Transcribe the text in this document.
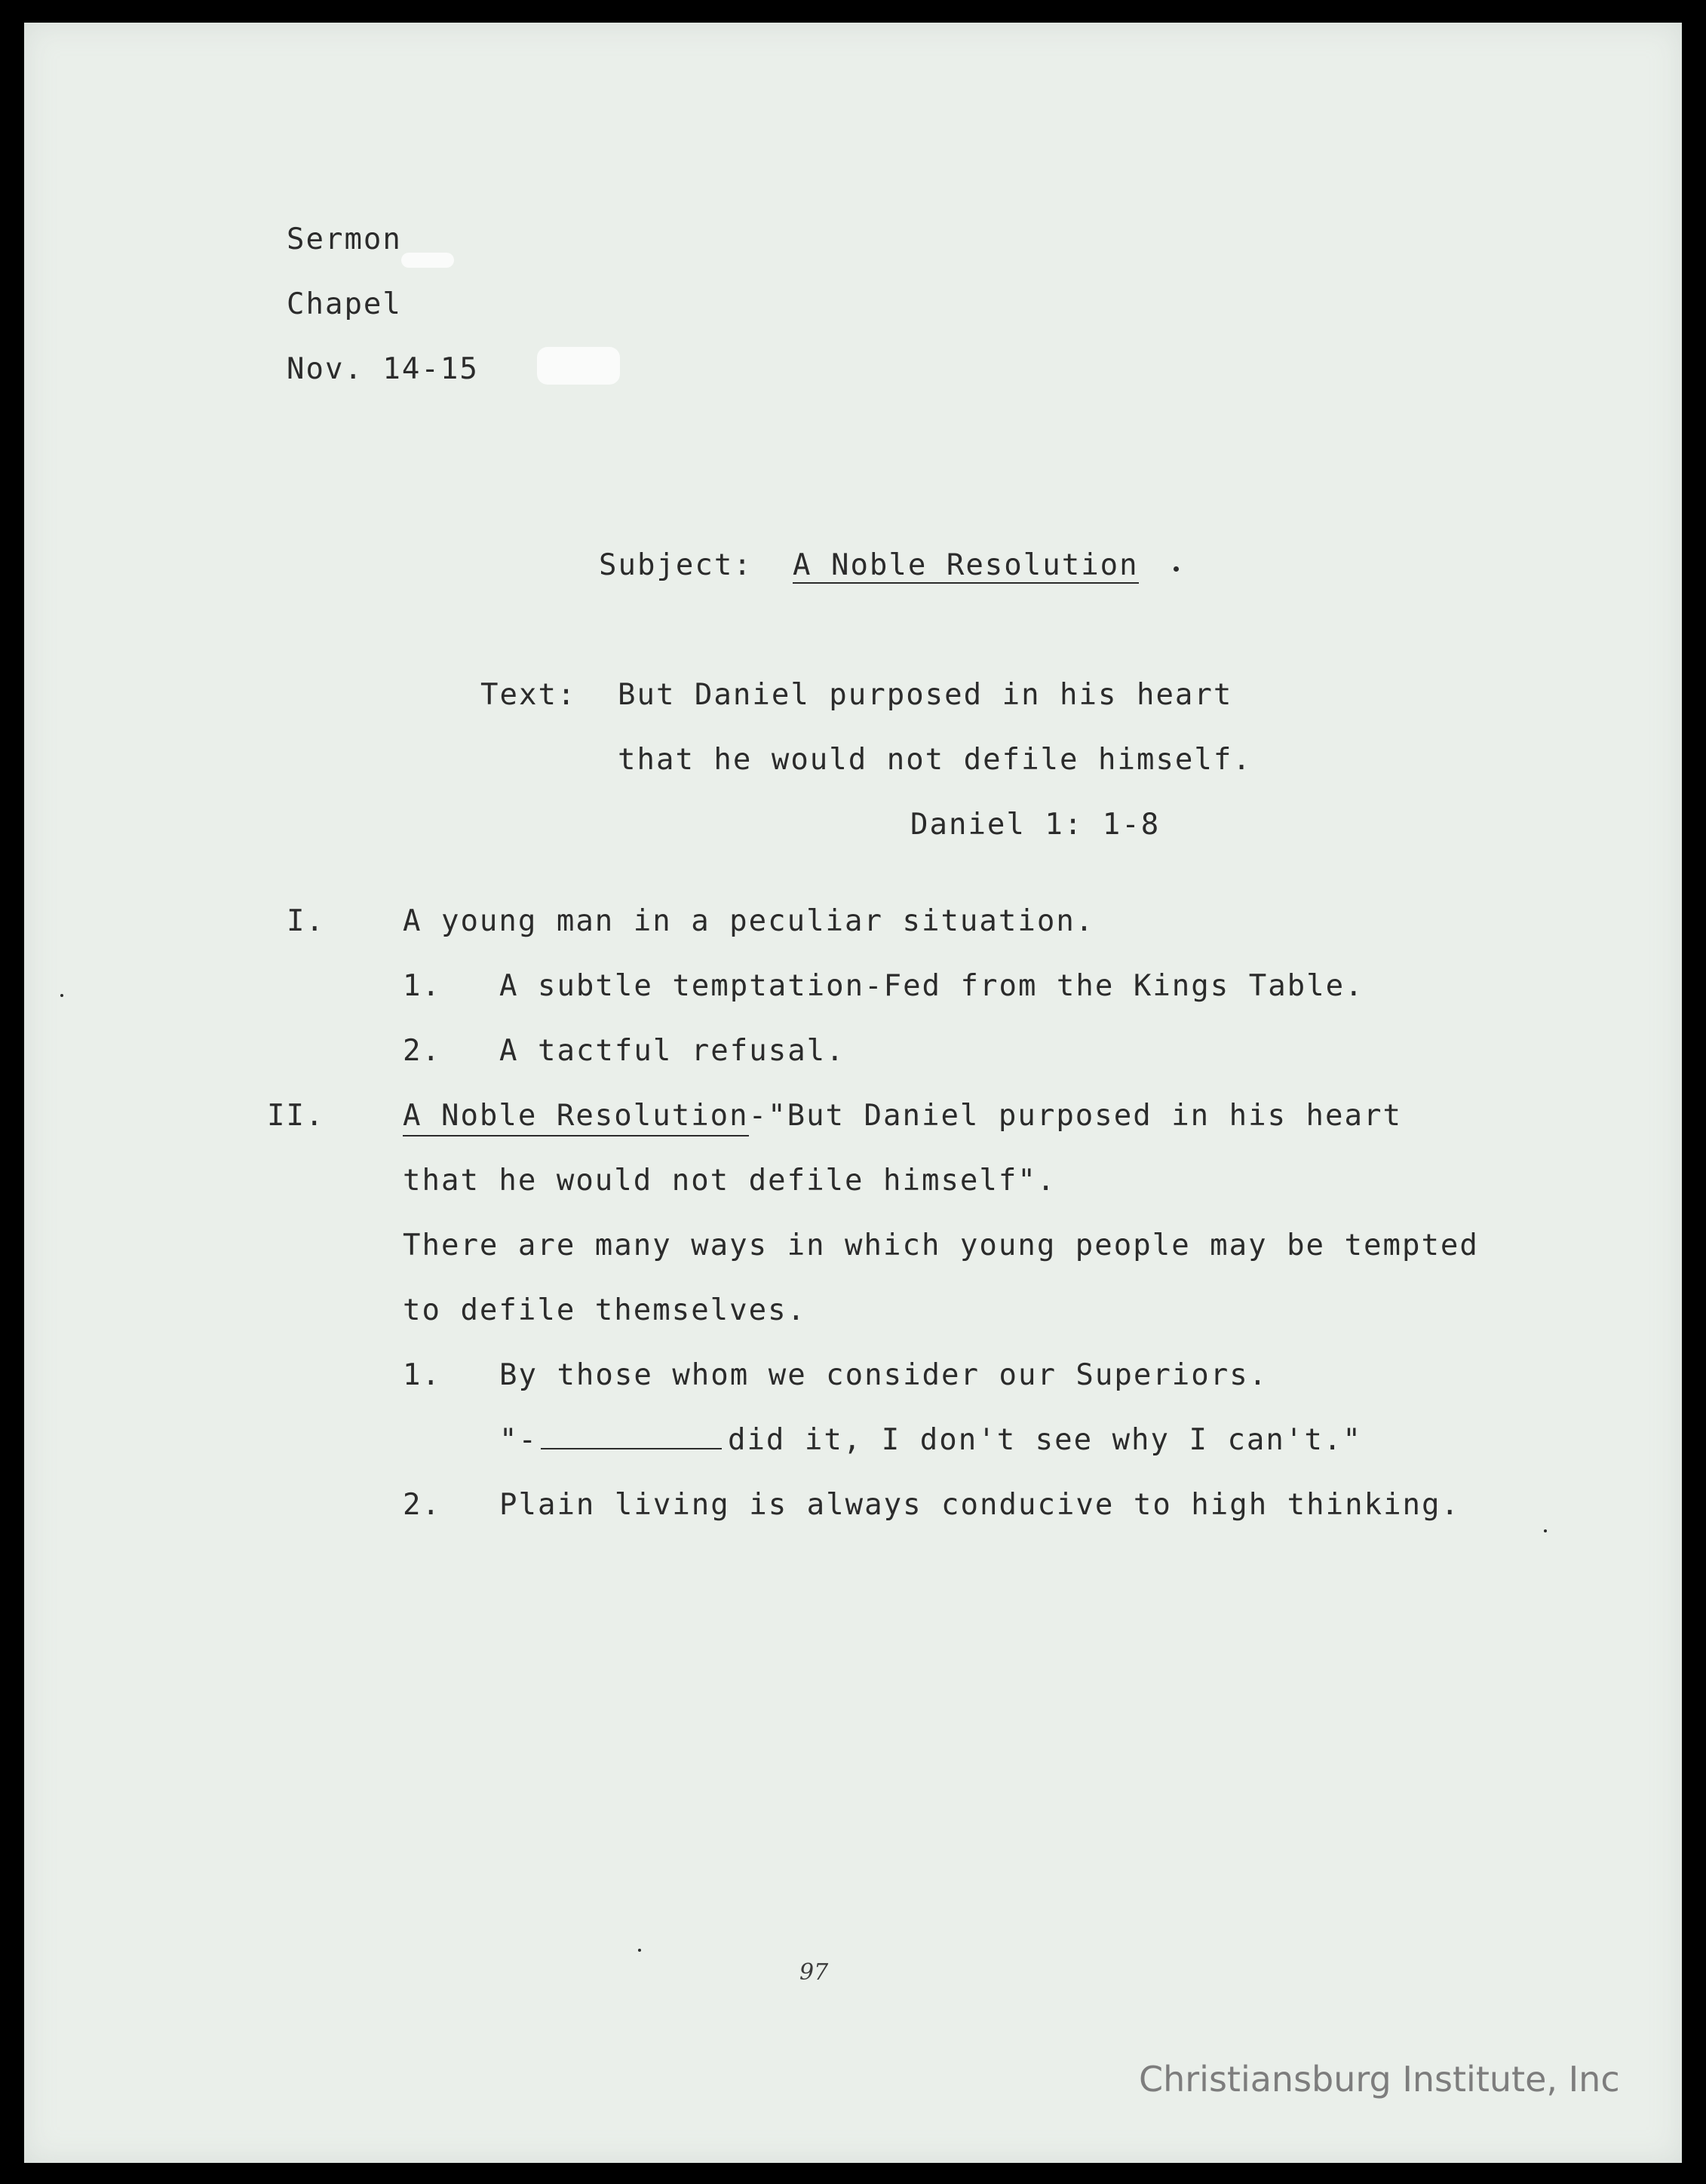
Sermon
Chapel
Nov. 14-15
Subject: A Noble Resolution
Text: But Daniel purposed in his heart
that he would not defile himself.
Daniel 1: 1-8
I.	A young man in a peculiar situation.
1. A subtle temptation-Fed from the Kings Table.
2. A tactful refusal.
II.	A Noble Resolution-"But Daniel purposed in his heart
that he would not defile himself".
There are many ways in which young people may be tempted
to defile themselves.
1. By those whom we consider our Superiors.
"-	did it, I don't see why I can't."
2. Plain living is always conducive to high thinking.
97
Christiansburg Institute, Inc
